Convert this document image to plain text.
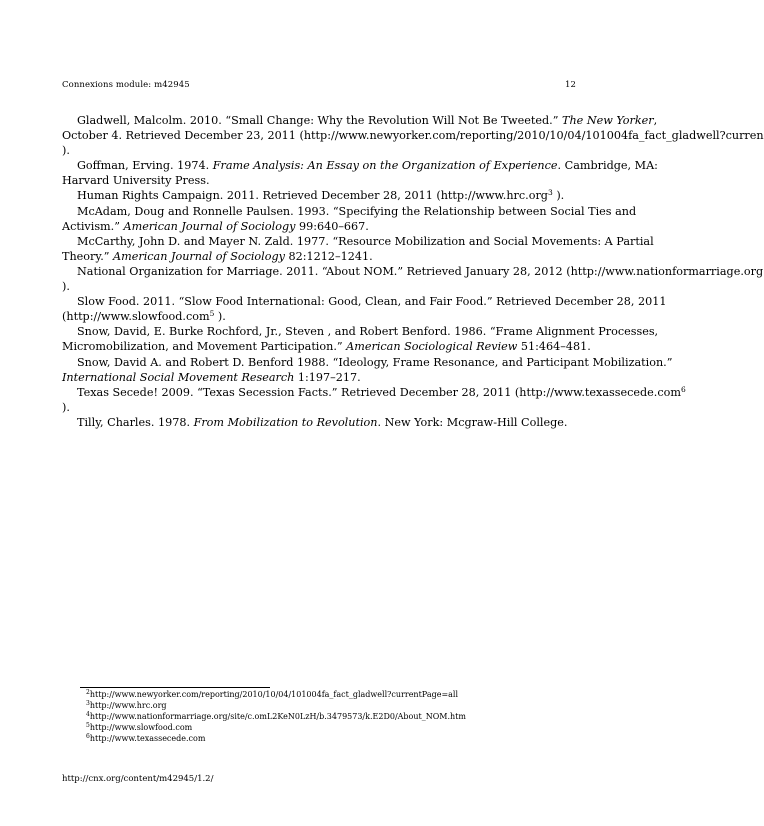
Connexions module: m42945	12
Gladwell, Malcolm. 2010. “Small Change: Why the Revolution Will Not Be Tweeted.” The New Yorker,
October 4. Retrieved December 23, 2011 (http://www.newyorker.com/reporting/2010/10/04/101004fa_fact_gladwell?curren
).
Goffman, Erving. 1974. Frame Analysis: An Essay on the Organization of Experience. Cambridge, MA:
Harvard University Press.
Human Rights Campaign. 2011. Retrieved December 28, 2011 (http://www.hrc.org$^3$ ).
McAdam, Doug and Ronnelle Paulsen. 1993. “Specifying the Relationship between Social Ties and
Activism.” American Journal of Sociology 99:640–667.
McCarthy, John D. and Mayer N. Zald. 1977. “Resource Mobilization and Social Movements: A Partial
Theory.” American Journal of Sociology 82:1212–1241.
National Organization for Marriage. 2011. “About NOM.” Retrieved January 28, 2012 (http://www.nationformarriage.org
).
Slow Food. 2011. “Slow Food International: Good, Clean, and Fair Food.” Retrieved December 28, 2011
(http://www.slowfood.com$^5$ ).
Snow, David, E. Burke Rochford, Jr., Steven , and Robert Benford. 1986. “Frame Alignment Processes,
Micromobilization, and Movement Participation.” American Sociological Review 51:464–481.
Snow, David A. and Robert D. Benford 1988. “Ideology, Frame Resonance, and Participant Mobilization.”
International Social Movement Research 1:197–217.
Texas Secede! 2009. “Texas Secession Facts.” Retrieved December 28, 2011 (http://www.texassecede.com$^6$
).
Tilly, Charles. 1978. From Mobilization to Revolution. New York: Mcgraw-Hill College.
$^2$http://www.newyorker.com/reporting/2010/10/04/101004fa_fact_gladwell?currentPage=all
$^3$http://www.hrc.org
$^4$http://www.nationformarriage.org/site/c.omL2KeN0LzH/b.3479573/k.E2D0/About_NOM.htm
$^5$http://www.slowfood.com
$^6$http://www.texassecede.com
http://cnx.org/content/m42945/1.2/
